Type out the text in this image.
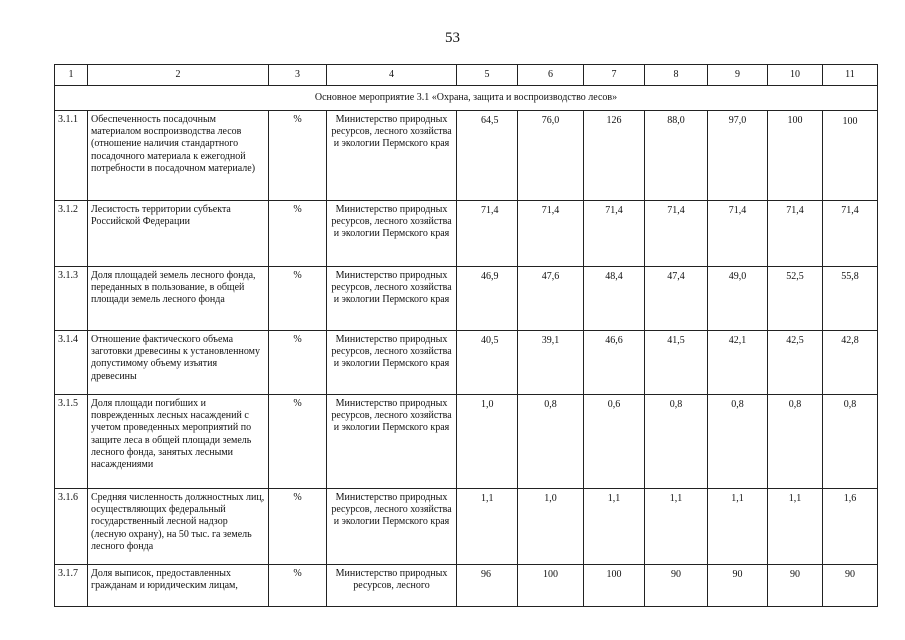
53
1	2	3	4	5	6	7	8	9	10	11
Основное мероприятие 3.1 «Охрана, защита и воспроизводство лесов»										
3.1.1	Обеспеченность посадочным материалом воспроизводства лесов (отношение наличия стандартного посадочного материала к ежегодной потребности в посадочном материале)	%	Министерство природных ресурсов, лесного хозяйства и экологии Пермского края	64,5	76,0	126	88,0	97,0	100	100
3.1.2	Лесистость территории субъекта Российской Федерации	%	Министерство природных ресурсов, лесного хозяйства и экологии Пермского края	71,4	71,4	71,4	71,4	71,4	71,4	71,4
3.1.3	Доля площадей земель лесного фонда, переданных в пользование, в общей площади земель лесного фонда	%	Министерство природных ресурсов, лесного хозяйства и экологии Пермского края	46,9	47,6	48,4	47,4	49,0	52,5	55,8
3.1.4	Отношение фактического объема заготовки древесины к установленному допустимому объему изъятия древесины	%	Министерство природных ресурсов, лесного хозяйства и экологии Пермского края	40,5	39,1	46,6	41,5	42,1	42,5	42,8
3.1.5	Доля площади погибших и поврежденных лесных насаждений с учетом проведенных мероприятий по защите леса в общей площади земель лесного фонда, занятых лесными насаждениями	%	Министерство природных ресурсов, лесного хозяйства и экологии Пермского края	1,0	0,8	0,6	0,8	0,8	0,8	0,8
3.1.6	Средняя численность должностных лиц, осуществляющих федеральный государственный лесной надзор (лесную охрану), на 50 тыс. га земель лесного фонда	%	Министерство природных ресурсов, лесного хозяйства и экологии Пермского края	1,1	1,0	1,1	1,1	1,1	1,1	1,6
3.1.7	Доля выписок, предоставленных гражданам и юридическим лицам,	%	Министерство природных ресурсов, лесного	96	100	100	90	90	90	90
